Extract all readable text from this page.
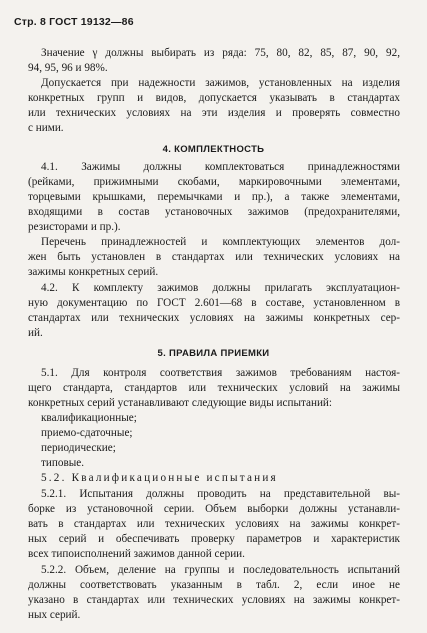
Стр. 8 ГОСТ 19132—86
Значение γ должны выбирать из ряда: 75, 80, 82, 85, 87, 90, 92,
94, 95, 96 и 98%.
Допускается при надежности зажимов, установленных на изделия
конкретных групп и видов, допускается указывать в стандартах
или технических условиях на эти изделия и проверять совместно
с ними.
4. КОМПЛЕКТНОСТЬ
4.1. Зажимы должны комплектоваться принадлежностями
(рейками, прижимными скобами, маркировочными элементами,
торцевыми крышками, перемычками и пр.), а также элементами,
входящими в состав установочных зажимов (предохранителями,
резисторами и пр.).
Перечень принадлежностей и комплектующих элементов дол-
жен быть установлен в стандартах или технических условиях на
зажимы конкретных серий.
4.2. К комплекту зажимов должны прилагать эксплуатацион-
ную документацию по ГОСТ 2.601—68 в составе, установленном в
стандартах или технических условиях на зажимы конкретных сер-
ий.
5. ПРАВИЛА ПРИЕМКИ
5.1. Для контроля соответствия зажимов требованиям настоя-
щего стандарта, стандартов или технических условий на зажимы
конкретных серий устанавливают следующие виды испытаний:
квалификационные;
приемо-сдаточные;
периодические;
типовые.
5.2. Квалификационные испытания
5.2.1. Испытания должны проводить на представительной вы-
борке из установочной серии. Объем выборки должны устанавли-
вать в стандартах или технических условиях на зажимы конкрет-
ных серий и обеспечивать проверку параметров и характеристик
всех типоисполнений зажимов данной серии.
5.2.2. Объем, деление на группы и последовательность испытаний
должны соответствовать указанным в табл. 2, если иное не
указано в стандартах или технических условиях на зажимы конкрет-
ных серий.
